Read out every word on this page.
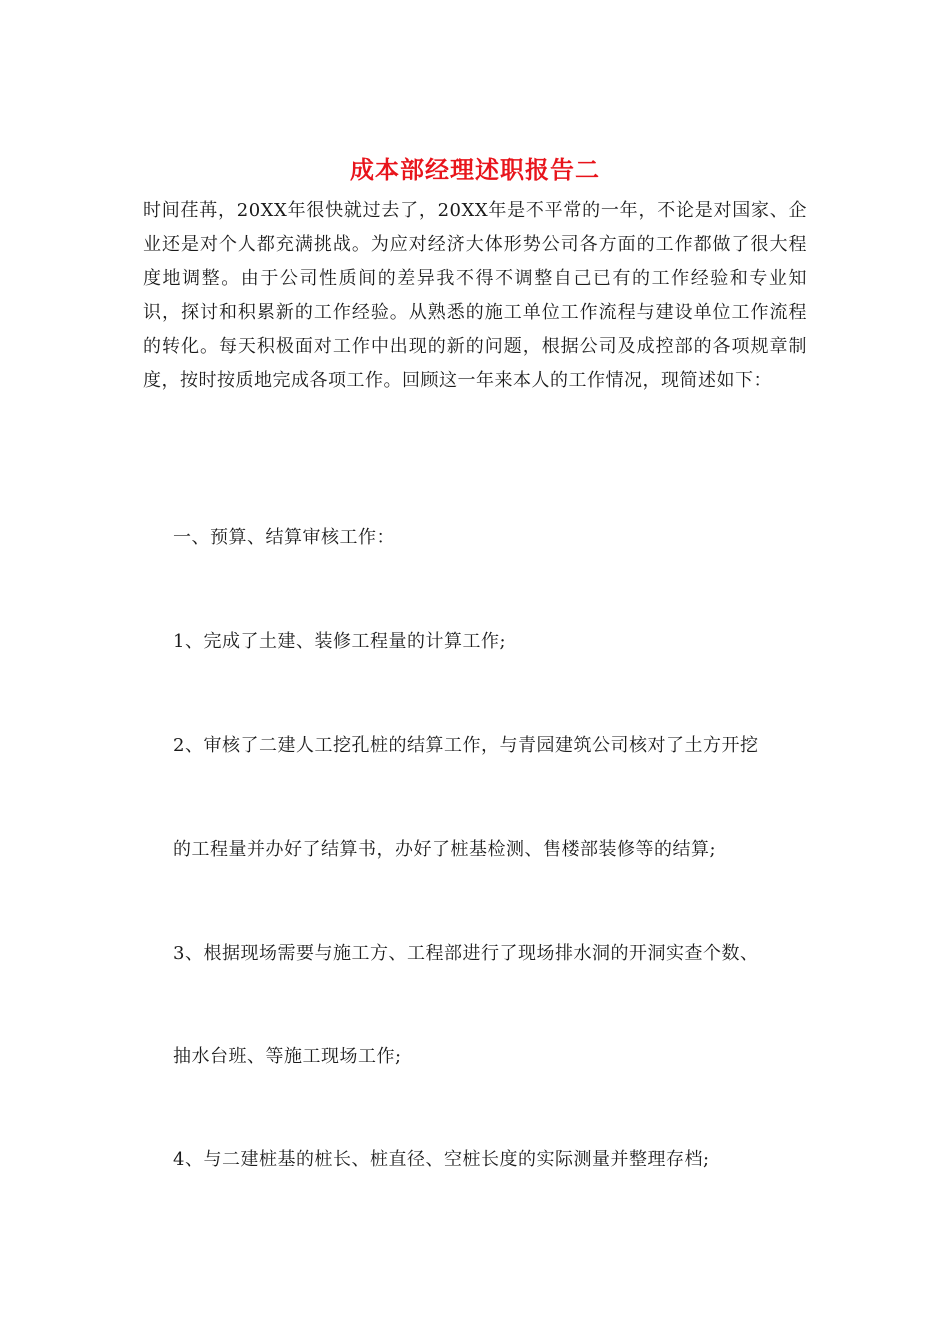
成本部经理述职报告二
时间荏苒，20XX年很快就过去了，20XX年是不平常的一年，不论是对国家、企业还是对个人都充满挑战。为应对经济大体形势公司各方面的工作都做了很大程度地调整。由于公司性质间的差异我不得不调整自己已有的工作经验和专业知识，探讨和积累新的工作经验。从熟悉的施工单位工作流程与建设单位工作流程的转化。每天积极面对工作中出现的新的问题，根据公司及成控部的各项规章制度，按时按质地完成各项工作。回顾这一年来本人的工作情况，现简述如下：
一、预算、结算审核工作：
1、完成了土建、装修工程量的计算工作;
2、审核了二建人工挖孔桩的结算工作，与青园建筑公司核对了土方开挖
的工程量并办好了结算书，办好了桩基检测、售楼部装修等的结算;
3、根据现场需要与施工方、工程部进行了现场排水洞的开洞实查个数、
抽水台班、等施工现场工作;
4、与二建桩基的桩长、桩直径、空桩长度的实际测量并整理存档;
